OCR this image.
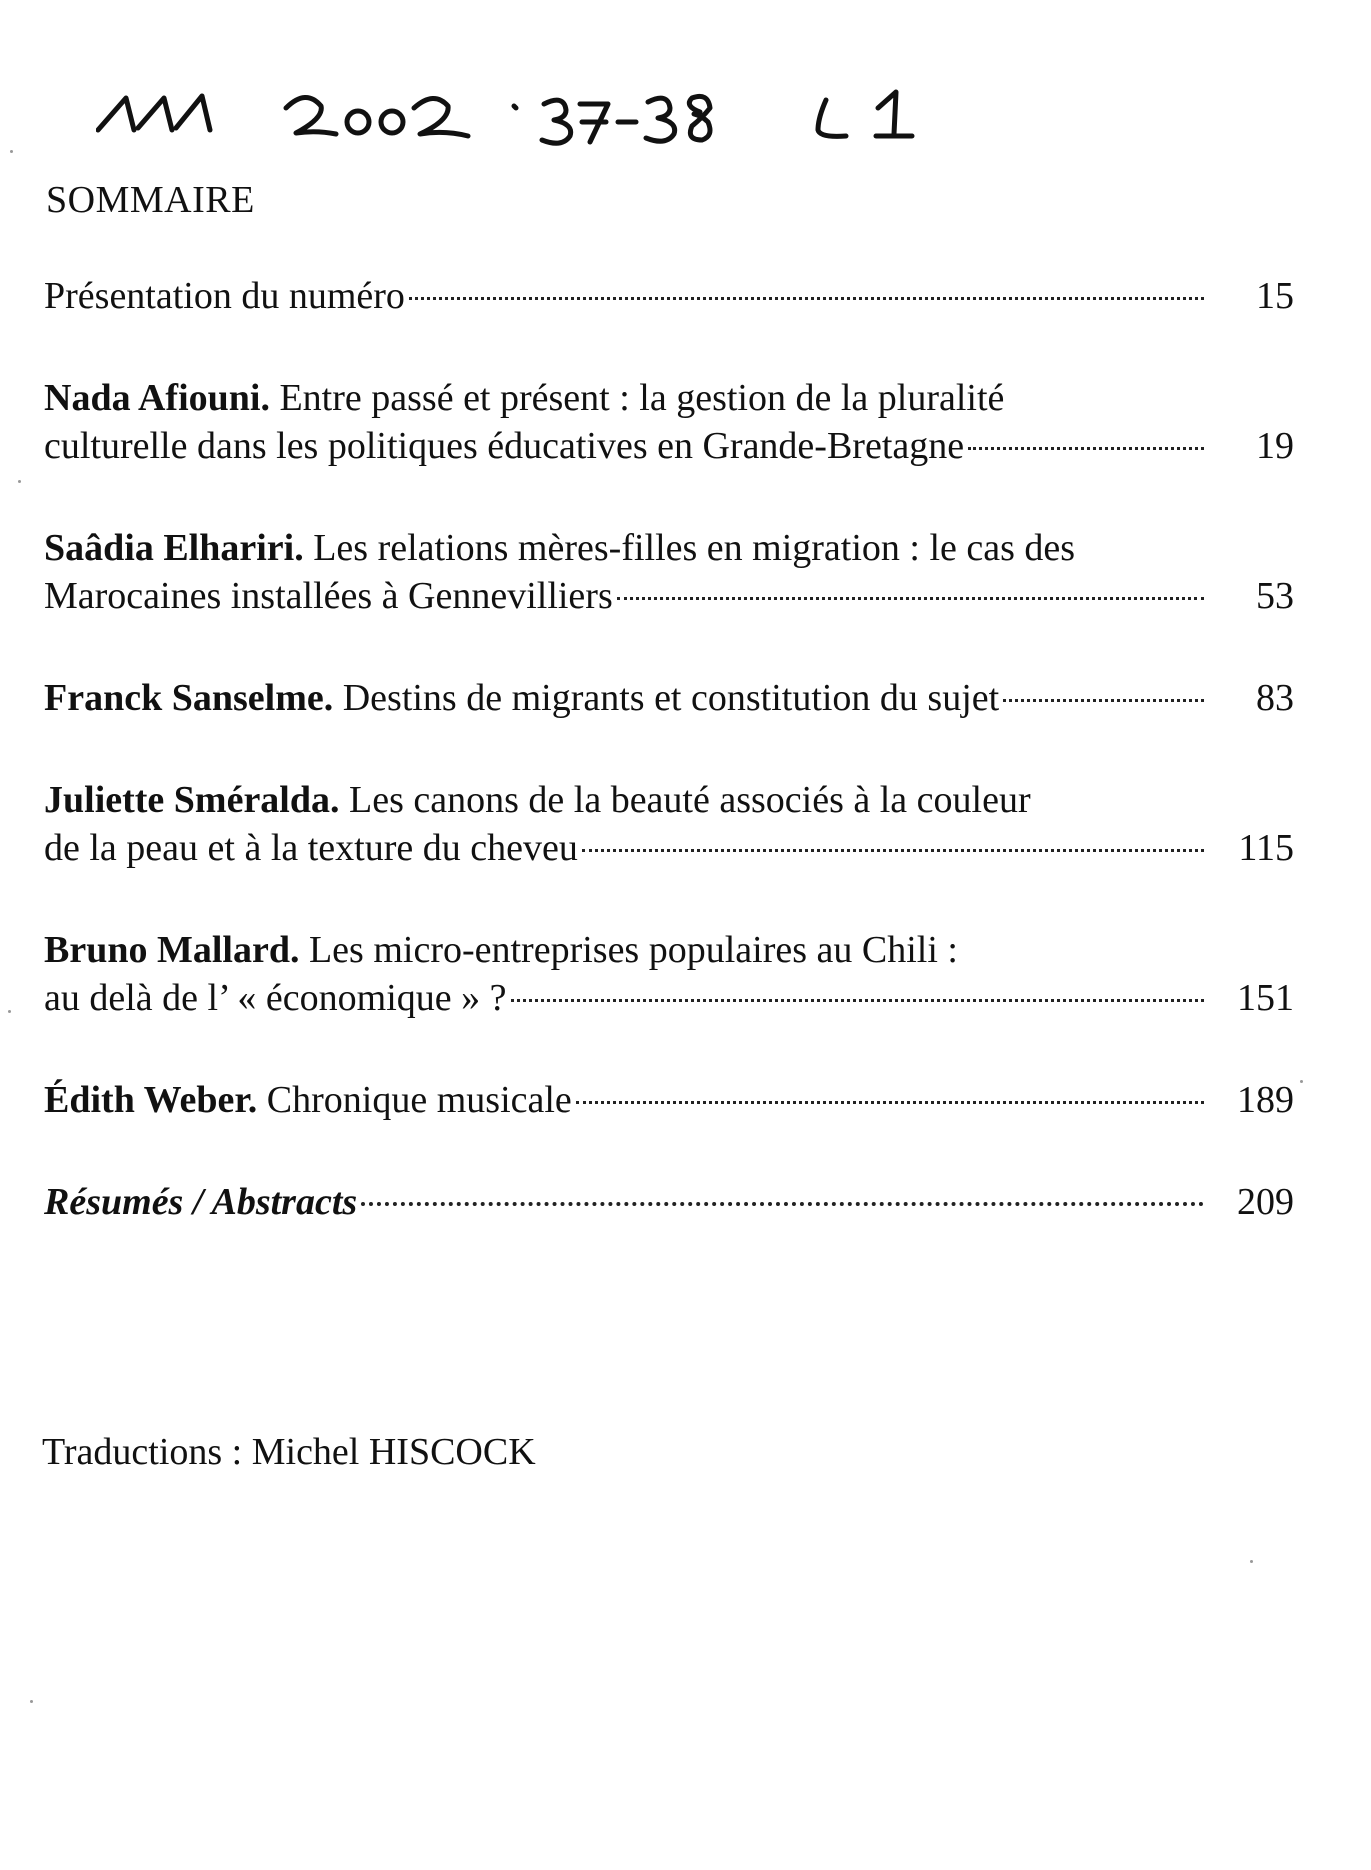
SOMMAIRE
Présentation du numéro	15
Nada Afiouni. Entre passé et présent : la gestion de la pluralité
culturelle dans les politiques éducatives en Grande-Bretagne	19
Saâdia Elhariri. Les relations mères-filles en migration : le cas des
Marocaines installées à Gennevilliers	53
Franck Sanselme.
Destins de migrants et constitution du sujet	83
Juliette Sméralda. Les canons de la beauté associés à la couleur
de la peau et à la texture du cheveu	115
Bruno Mallard. Les micro-entreprises populaires au Chili :
au delà de l’ « économique » ?	151
Édith Weber.
Chronique musicale	189
Résumés / Abstracts	209
Traductions : Michel HISCOCK
